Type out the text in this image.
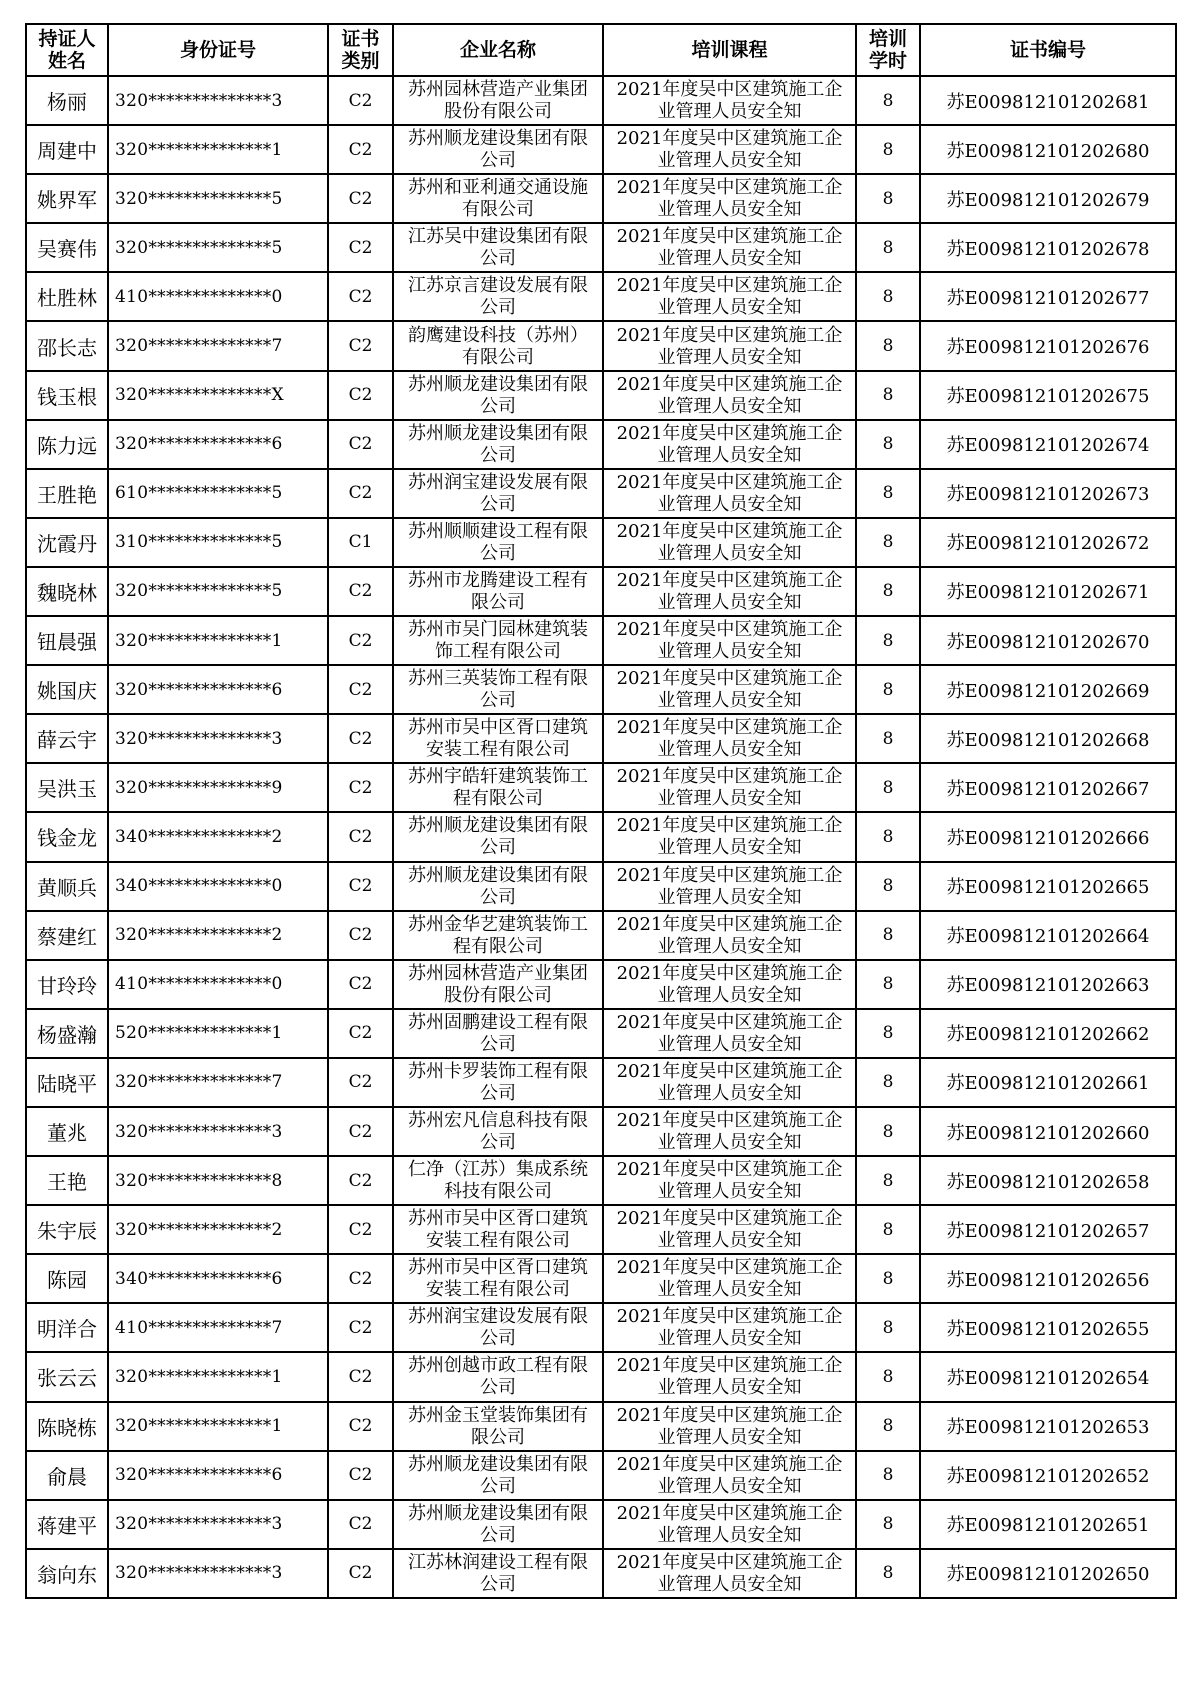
持证人姓名	身份证号	证书类别	企业名称	培训课程	培训学时	证书编号
杨丽	320**************3	C2	苏州园林营造产业集团股份有限公司	2021年度吴中区建筑施工企业管理人员安全知	8	苏E009812101202681
周建中	320**************1	C2	苏州顺龙建设集团有限公司	2021年度吴中区建筑施工企业管理人员安全知	8	苏E009812101202680
姚界军	320**************5	C2	苏州和亚利通交通设施有限公司	2021年度吴中区建筑施工企业管理人员安全知	8	苏E009812101202679
吴赛伟	320**************5	C2	江苏吴中建设集团有限公司	2021年度吴中区建筑施工企业管理人员安全知	8	苏E009812101202678
杜胜林	410**************0	C2	江苏京言建设发展有限公司	2021年度吴中区建筑施工企业管理人员安全知	8	苏E009812101202677
邵长志	320**************7	C2	韵鹰建设科技（苏州）有限公司	2021年度吴中区建筑施工企业管理人员安全知	8	苏E009812101202676
钱玉根	320**************X	C2	苏州顺龙建设集团有限公司	2021年度吴中区建筑施工企业管理人员安全知	8	苏E009812101202675
陈力远	320**************6	C2	苏州顺龙建设集团有限公司	2021年度吴中区建筑施工企业管理人员安全知	8	苏E009812101202674
王胜艳	610**************5	C2	苏州润宝建设发展有限公司	2021年度吴中区建筑施工企业管理人员安全知	8	苏E009812101202673
沈霞丹	310**************5	C1	苏州顺顺建设工程有限公司	2021年度吴中区建筑施工企业管理人员安全知	8	苏E009812101202672
魏晓林	320**************5	C2	苏州市龙腾建设工程有限公司	2021年度吴中区建筑施工企业管理人员安全知	8	苏E009812101202671
钮晨强	320**************1	C2	苏州市吴门园林建筑装饰工程有限公司	2021年度吴中区建筑施工企业管理人员安全知	8	苏E009812101202670
姚国庆	320**************6	C2	苏州三英装饰工程有限公司	2021年度吴中区建筑施工企业管理人员安全知	8	苏E009812101202669
薛云宇	320**************3	C2	苏州市吴中区胥口建筑安装工程有限公司	2021年度吴中区建筑施工企业管理人员安全知	8	苏E009812101202668
吴洪玉	320**************9	C2	苏州宇皓轩建筑装饰工程有限公司	2021年度吴中区建筑施工企业管理人员安全知	8	苏E009812101202667
钱金龙	340**************2	C2	苏州顺龙建设集团有限公司	2021年度吴中区建筑施工企业管理人员安全知	8	苏E009812101202666
黄顺兵	340**************0	C2	苏州顺龙建设集团有限公司	2021年度吴中区建筑施工企业管理人员安全知	8	苏E009812101202665
蔡建红	320**************2	C2	苏州金华艺建筑装饰工程有限公司	2021年度吴中区建筑施工企业管理人员安全知	8	苏E009812101202664
甘玲玲	410**************0	C2	苏州园林营造产业集团股份有限公司	2021年度吴中区建筑施工企业管理人员安全知	8	苏E009812101202663
杨盛瀚	520**************1	C2	苏州固鹏建设工程有限公司	2021年度吴中区建筑施工企业管理人员安全知	8	苏E009812101202662
陆晓平	320**************7	C2	苏州卡罗装饰工程有限公司	2021年度吴中区建筑施工企业管理人员安全知	8	苏E009812101202661
董兆	320**************3	C2	苏州宏凡信息科技有限公司	2021年度吴中区建筑施工企业管理人员安全知	8	苏E009812101202660
王艳	320**************8	C2	仁净（江苏）集成系统科技有限公司	2021年度吴中区建筑施工企业管理人员安全知	8	苏E009812101202658
朱宇辰	320**************2	C2	苏州市吴中区胥口建筑安装工程有限公司	2021年度吴中区建筑施工企业管理人员安全知	8	苏E009812101202657
陈园	340**************6	C2	苏州市吴中区胥口建筑安装工程有限公司	2021年度吴中区建筑施工企业管理人员安全知	8	苏E009812101202656
明洋合	410**************7	C2	苏州润宝建设发展有限公司	2021年度吴中区建筑施工企业管理人员安全知	8	苏E009812101202655
张云云	320**************1	C2	苏州创越市政工程有限公司	2021年度吴中区建筑施工企业管理人员安全知	8	苏E009812101202654
陈晓栋	320**************1	C2	苏州金玉堂装饰集团有限公司	2021年度吴中区建筑施工企业管理人员安全知	8	苏E009812101202653
俞晨	320**************6	C2	苏州顺龙建设集团有限公司	2021年度吴中区建筑施工企业管理人员安全知	8	苏E009812101202652
蒋建平	320**************3	C2	苏州顺龙建设集团有限公司	2021年度吴中区建筑施工企业管理人员安全知	8	苏E009812101202651
翁向东	320**************3	C2	江苏林润建设工程有限公司	2021年度吴中区建筑施工企业管理人员安全知	8	苏E009812101202650
